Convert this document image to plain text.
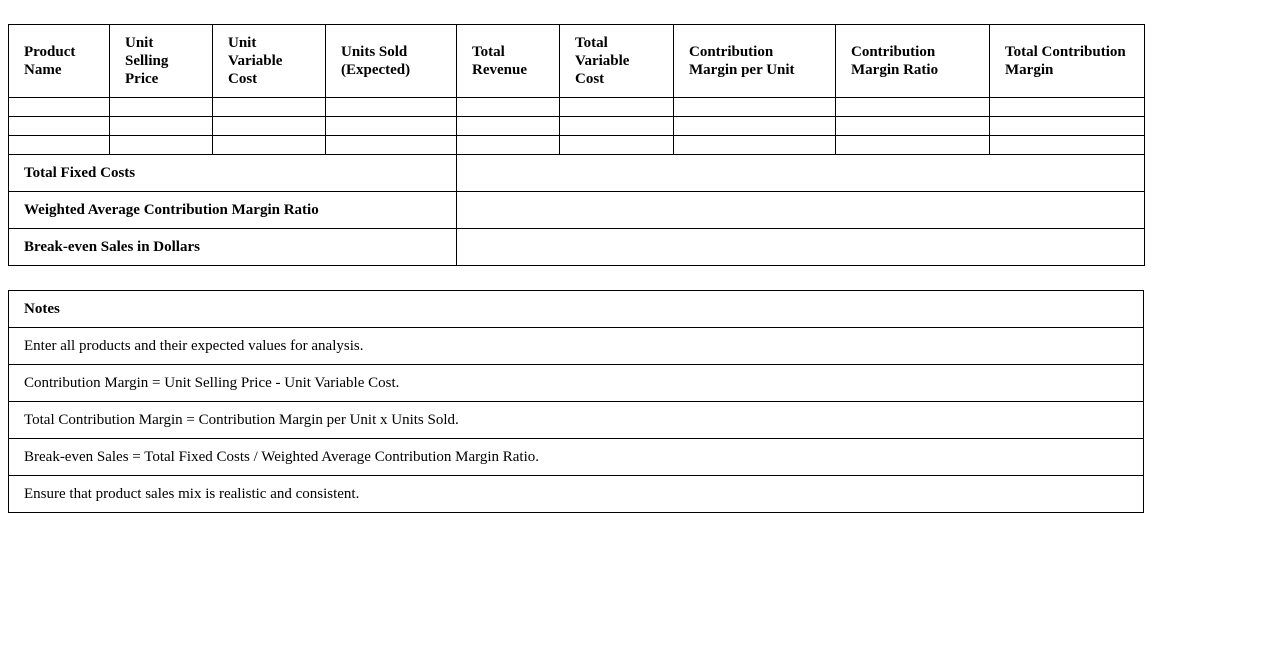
Product Name	Unit Selling Price	Unit Variable Cost	Units Sold (Expected)	Total Revenue	Total Variable Cost	Contribution Margin per Unit	Contribution Margin Ratio	Total Contribution Margin

Total Fixed Costs								
Weighted Average Contribution Margin Ratio								
Break-even Sales in Dollars								
Notes
Enter all products and their expected values for analysis.
Contribution Margin = Unit Selling Price - Unit Variable Cost.
Total Contribution Margin = Contribution Margin per Unit x Units Sold.
Break-even Sales = Total Fixed Costs / Weighted Average Contribution Margin Ratio.
Ensure that product sales mix is realistic and consistent.
